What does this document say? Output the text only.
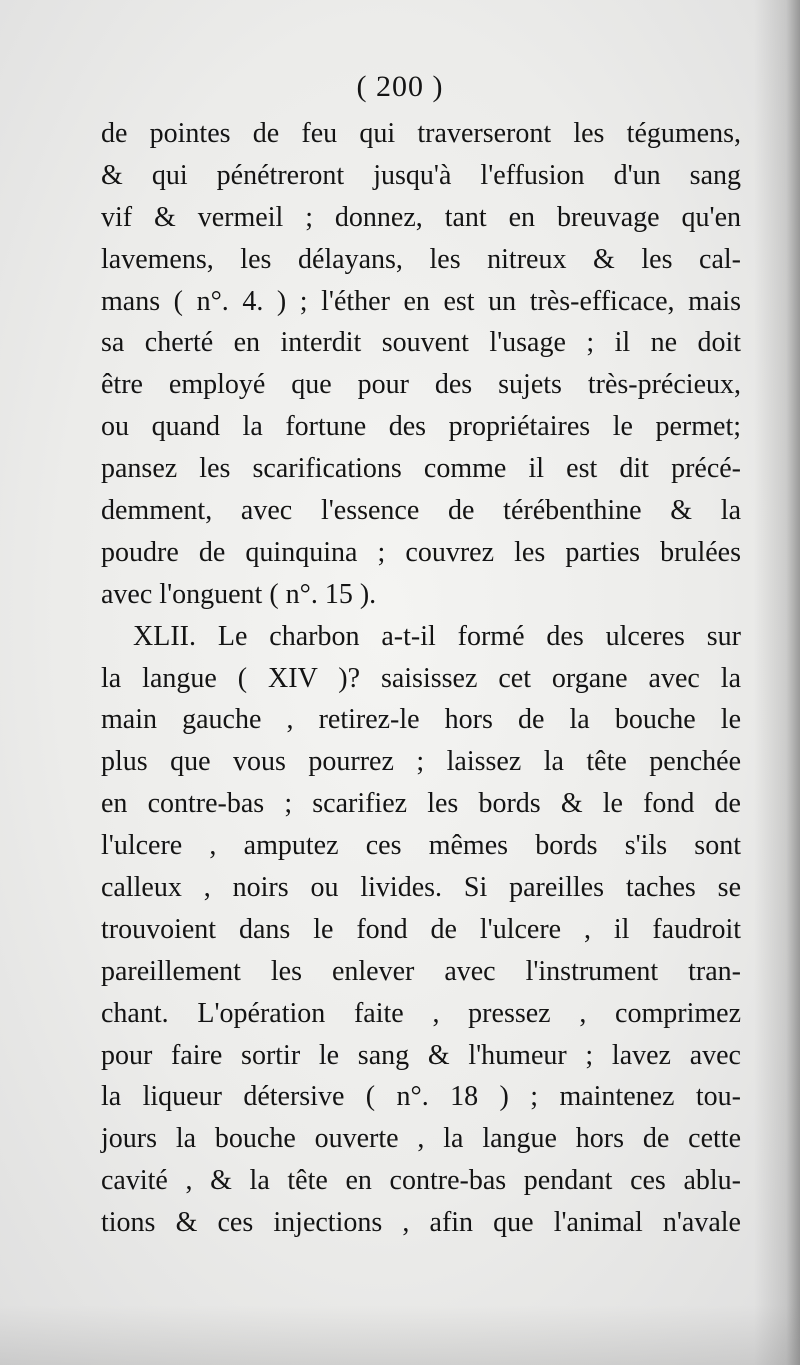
( 200 )
de pointes de feu qui traverseront les tégumens,
& qui pénétreront jusqu'à l'effusion d'un sang
vif & vermeil ; donnez, tant en breuvage qu'en
lavemens, les délayans, les nitreux & les cal-
mans ( n°. 4. ) ; l'éther en est un très-efficace, mais
sa cherté en interdit souvent l'usage ; il ne doit
être employé que pour des sujets très-précieux,
ou quand la fortune des propriétaires le permet;
pansez les scarifications comme il est dit précé-
demment, avec l'essence de térébenthine & la
poudre de quinquina ; couvrez les parties brulées
avec l'onguent ( n°. 15 ).
XLII. Le charbon a-t-il formé des ulceres sur
la langue ( XIV )? saisissez cet organe avec la
main gauche , retirez-le hors de la bouche le
plus que vous pourrez ; laissez la tête penchée
en contre-bas ; scarifiez les bords & le fond de
l'ulcere , amputez ces mêmes bords s'ils sont
calleux , noirs ou livides. Si pareilles taches se
trouvoient dans le fond de l'ulcere , il faudroit
pareillement les enlever avec l'instrument tran-
chant. L'opération faite , pressez , comprimez
pour faire sortir le sang & l'humeur ; lavez avec
la liqueur détersive ( n°. 18 ) ; maintenez tou-
jours la bouche ouverte , la langue hors de cette
cavité , & la tête en contre-bas pendant ces ablu-
tions & ces injections , afin que l'animal n'avale
